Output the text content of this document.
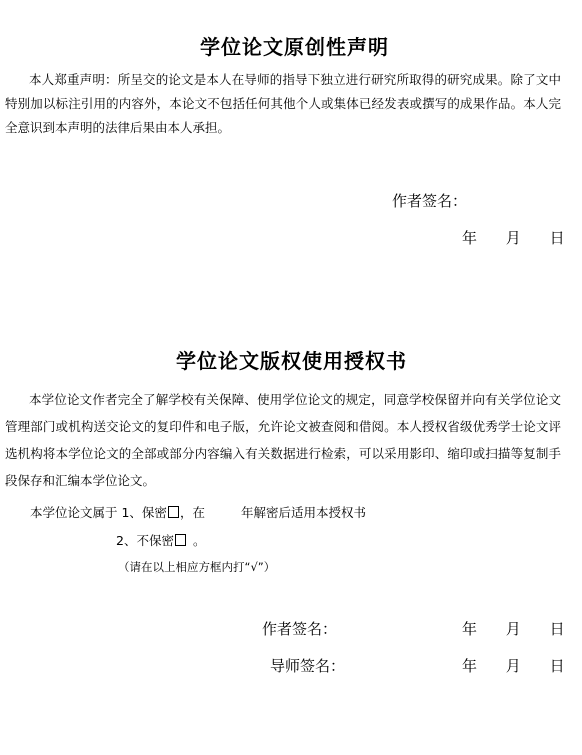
学位论文原创性声明
本人郑重声明：所呈交的论文是本人在导师的指导下独立进行研究所取得的研究成果。除了文中特别加以标注引用的内容外，本论文不包括任何其他个人或集体已经发表或撰写的成果作品。本人完全意识到本声明的法律后果由本人承担。
作者签名：
年 月 日
学位论文版权使用授权书
本学位论文作者完全了解学校有关保障、使用学位论文的规定，同意学校保留并向有关学位论文管理部门或机构送交论文的复印件和电子版，允许论文被查阅和借阅。本人授权省级优秀学士论文评选机构将本学位论文的全部或部分内容编入有关数据进行检索，可以采用影印、缩印或扫描等复制手段保存和汇编本学位论文。
本学位论文属于 1、保密 ，在	年解密后适用本授权书
2、不保密 。
（请在以上相应方框内打“√”）
作者签名：	年 月 日
导师签名：	年 月 日
